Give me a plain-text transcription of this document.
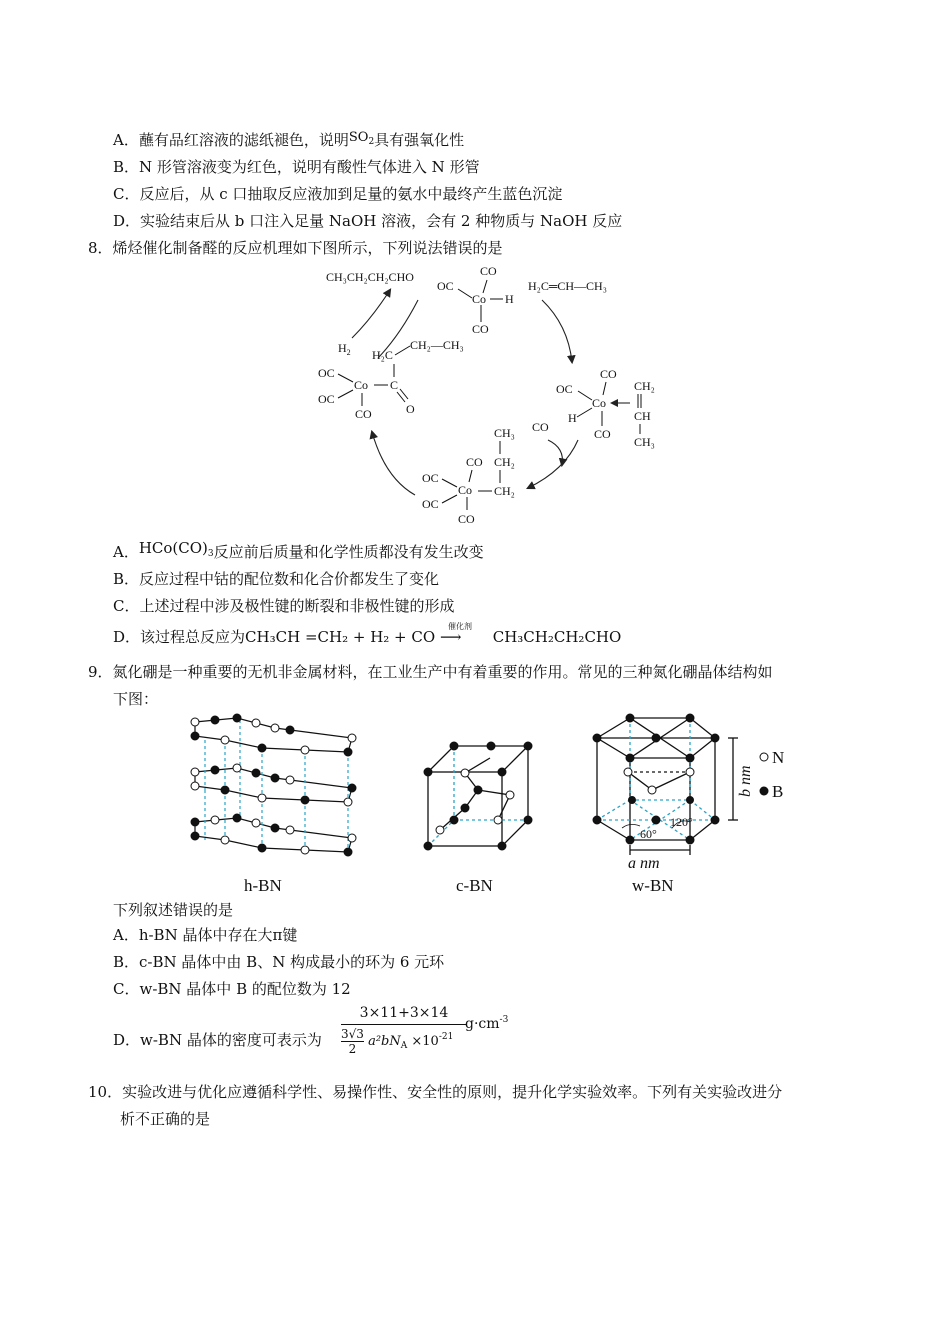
A．蘸有品红溶液的滤纸褪色，说明$SO_2$具有强氧化性
B．N 形管溶液变为红色，说明有酸性气体进入 N 形管
C．反应后，从 c 口抽取反应液加到足量的氨水中最终产生蓝色沉淀
D．实验结束后从 b 口注入足量 NaOH 溶液，会有 2 种物质与 NaOH 反应
8．烯烃催化制备醛的反应机理如下图所示，下列说法错误的是
CH₃CH₂CH₂CHO	CO
OC
Co H
CO
H₂C═CH—CH₃
CO
OC
Co
H
CO
CH₂
CH
CH₃
CO
CO
OC
Co
OC
CO
CH₃
CH₂
CH₂
OC
Co
OC
CO
C
O
H₂C
CH₂—CH₃
$H_2$
A．$HCo(CO)_3$反应前后质量和化学性质都没有发生改变
B．反应过程中钴的配位数和化合价都发生了变化
C．上述过程中涉及极性键的断裂和非极性键的形成
D．该过程总反应为CH₃CH =CH₂ + H₂ + CO
催化剂
⟶ CH₃CH₂CH₂CHO
9．氮化硼是一种重要的无机非金属材料，在工业生产中有着重要的作用。常见的三种氮化硼晶体结构如
下图：
b nm
a nm
60°
120°
N
B
h-BN	c-BN	w-BN
下列叙述错误的是
A．h-BN 晶体中存在大π键
B．c-BN 晶体中由 B、N 构成最小的环为 6 元环
C．w-BN 晶体中 B 的配位数为 12
D．w-BN 晶体的密度可表示为
3×11+3×14
$\frac{3√3}{2} a^2bN_A \times 10^{-21}$
$g\cdot cm^{-3}$
10．实验改进与优化应遵循科学性、易操作性、安全性的原则，提升化学实验效率。下列有关实验改进分
析不正确的是
